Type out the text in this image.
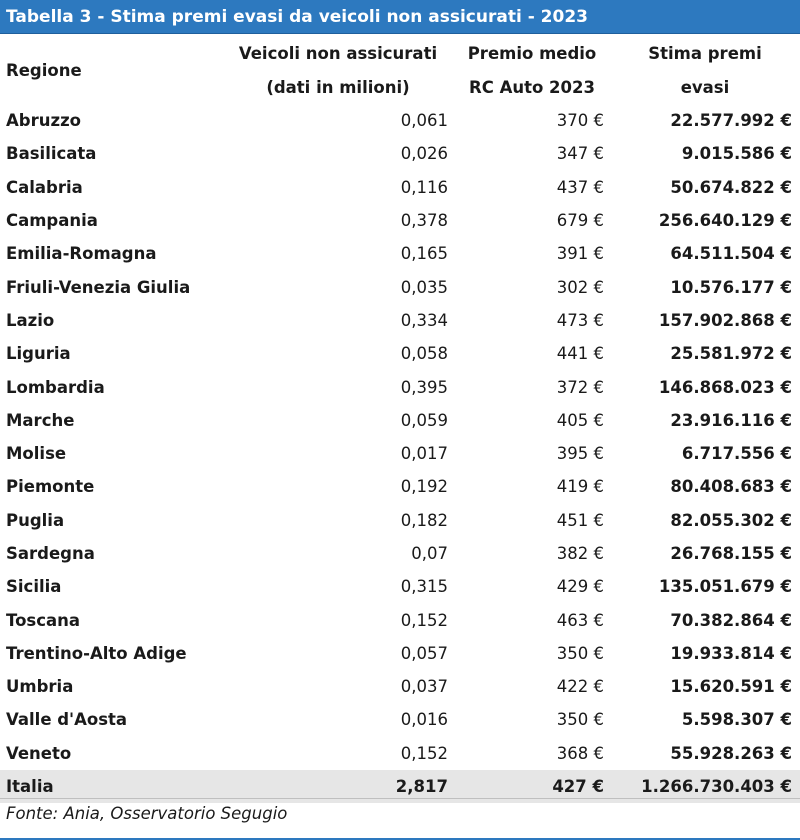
Tabella 3 - Stima premi evasi da veicoli non assicurati - 2023
Regione	Veicoli non assicurati	Premio medio	Stima premi
	(dati in milioni)	RC Auto 2023	evasi
Abruzzo	0,061	370 €	22.577.992 €
Basilicata	0,026	347 €	9.015.586 €
Calabria	0,116	437 €	50.674.822 €
Campania	0,378	679 €	256.640.129 €
Emilia-Romagna	0,165	391 €	64.511.504 €
Friuli-Venezia Giulia	0,035	302 €	10.576.177 €
Lazio	0,334	473 €	157.902.868 €
Liguria	0,058	441 €	25.581.972 €
Lombardia	0,395	372 €	146.868.023 €
Marche	0,059	405 €	23.916.116 €
Molise	0,017	395 €	6.717.556 €
Piemonte	0,192	419 €	80.408.683 €
Puglia	0,182	451 €	82.055.302 €
Sardegna	0,07	382 €	26.768.155 €
Sicilia	0,315	429 €	135.051.679 €
Toscana	0,152	463 €	70.382.864 €
Trentino-Alto Adige	0,057	350 €	19.933.814 €
Umbria	0,037	422 €	15.620.591 €
Valle d'Aosta	0,016	350 €	5.598.307 €
Veneto	0,152	368 €	55.928.263 €
Italia	2,817	427 €	1.266.730.403 €
Fonte: Ania, Osservatorio Segugio
